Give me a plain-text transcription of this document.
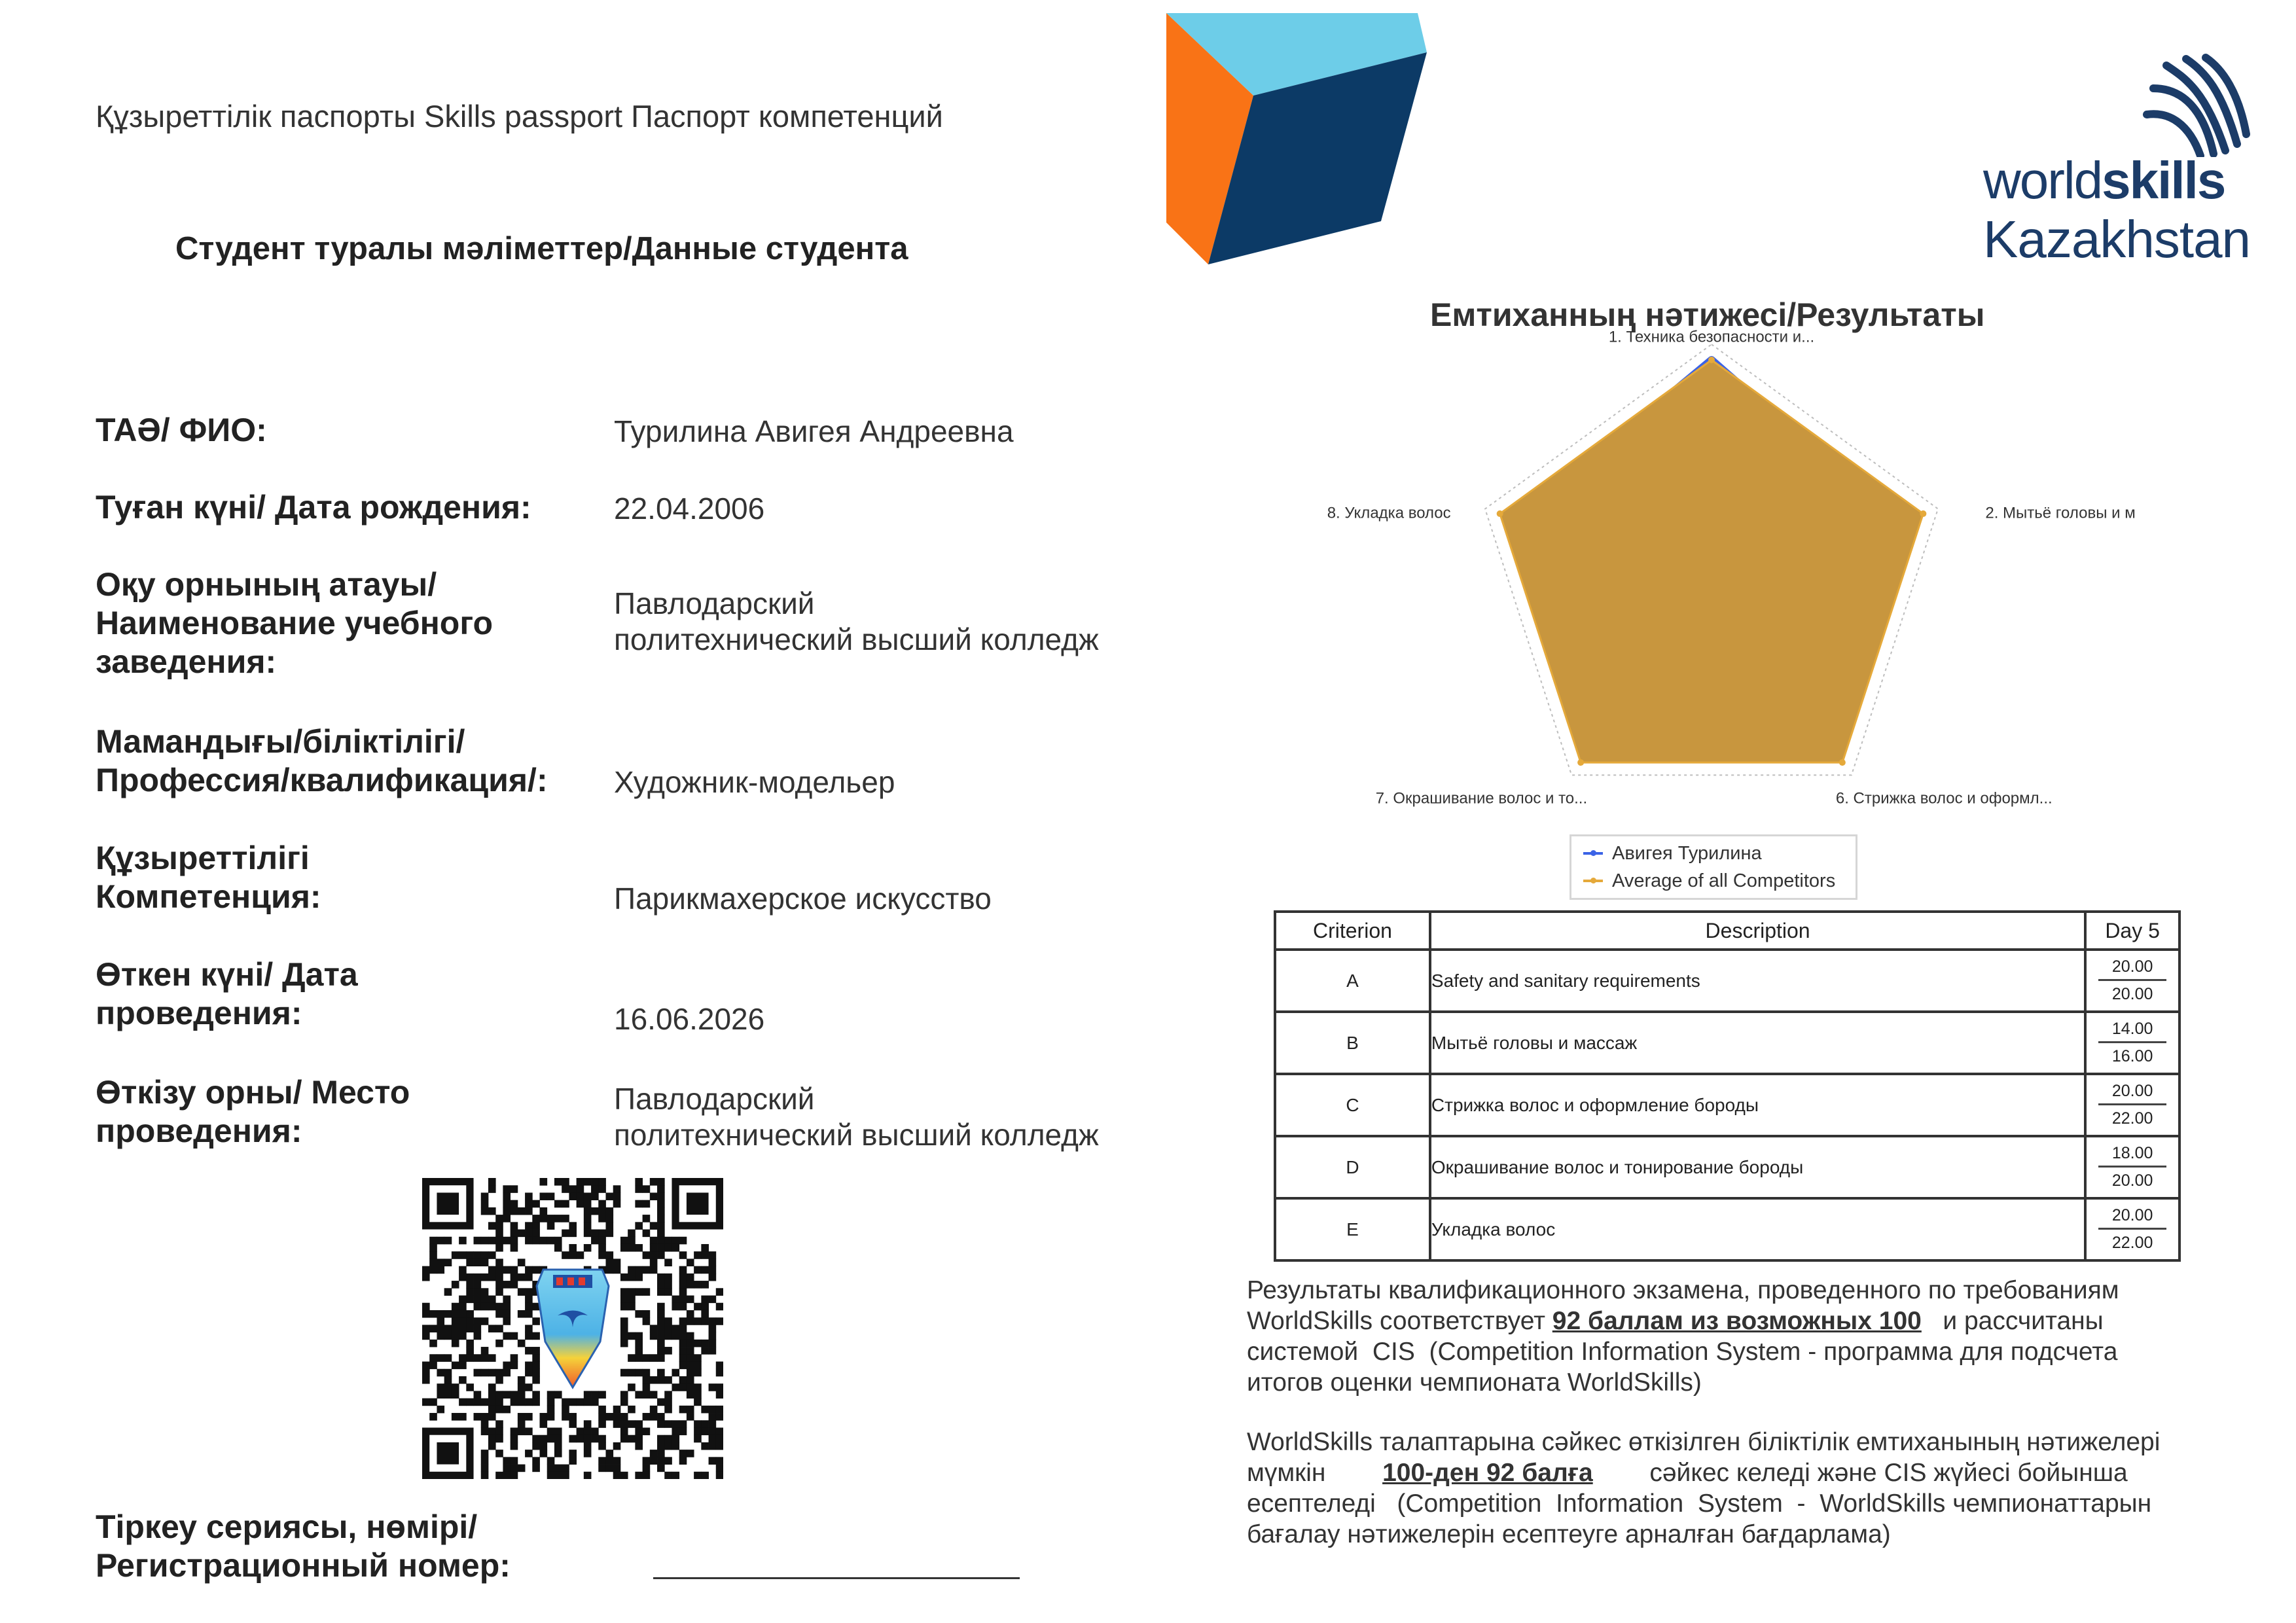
Құзыреттілік паспорты Skills passport Паспорт компетенций
Студент туралы мәліметтер/Данные студента
worldskills
Kazakhstan
ТАӘ/ ФИО:	Турилина Авигея Андреевна
Туған күні/ Дата рождения:	22.04.2006
Оқу орнының атауы/
Наименование учебного
заведения:
Павлодарский
политехнический высший колледж
Мамандығы/біліктілігі/
Профессия/квалификация/: Художник-модельер
Құзыреттілігі
Компетенция:	Парикмахерское искусство
Өткен күні/ Дата
проведения:	16.06.2026
Өткізу орны/ Место
проведения:
Павлодарский
политехнический высший колледж
Тіркеу сериясы, нөмірі/
Регистрационный номер:
Емтиханның нәтижесі/Результаты
1. Техника безопасности и...
2. Мытьё головы и м
6. Стрижка волос и оформл...
7. Окрашивание волос и то...
8. Укладка волос
Авигея Турилина
Average of all Competitors
Criterion	Description	Day 5
A	Safety and sanitary requirements	20.00
20.00

B	Мытьё головы и массаж	14.00
16.00

C	Стрижка волос и оформление бороды	20.00
22.00

D	Окрашивание волос и тонирование бороды	18.00
20.00

E	Укладка волос	20.00
22.00
Результаты квалификационного экзамена, проведенного по требованиям
WorldSkills соответствует 92 баллам из возможных 100   и рассчитаны
системой  CIS  (Competition Information System - программа для подсчета
итогов оценки чемпионата WorldSkills)
WorldSkills талаптарына сәйкес өткізілген біліктілік емтиханының нәтижелері
мүмкін        100-ден 92 балға        сәйкес келеді және CIS жүйесі бойынша
есептеледі   (Competition  Information  System  -  WorldSkills чемпионаттарын
бағалау нәтижелерін есептеуге арналған бағдарлама)
